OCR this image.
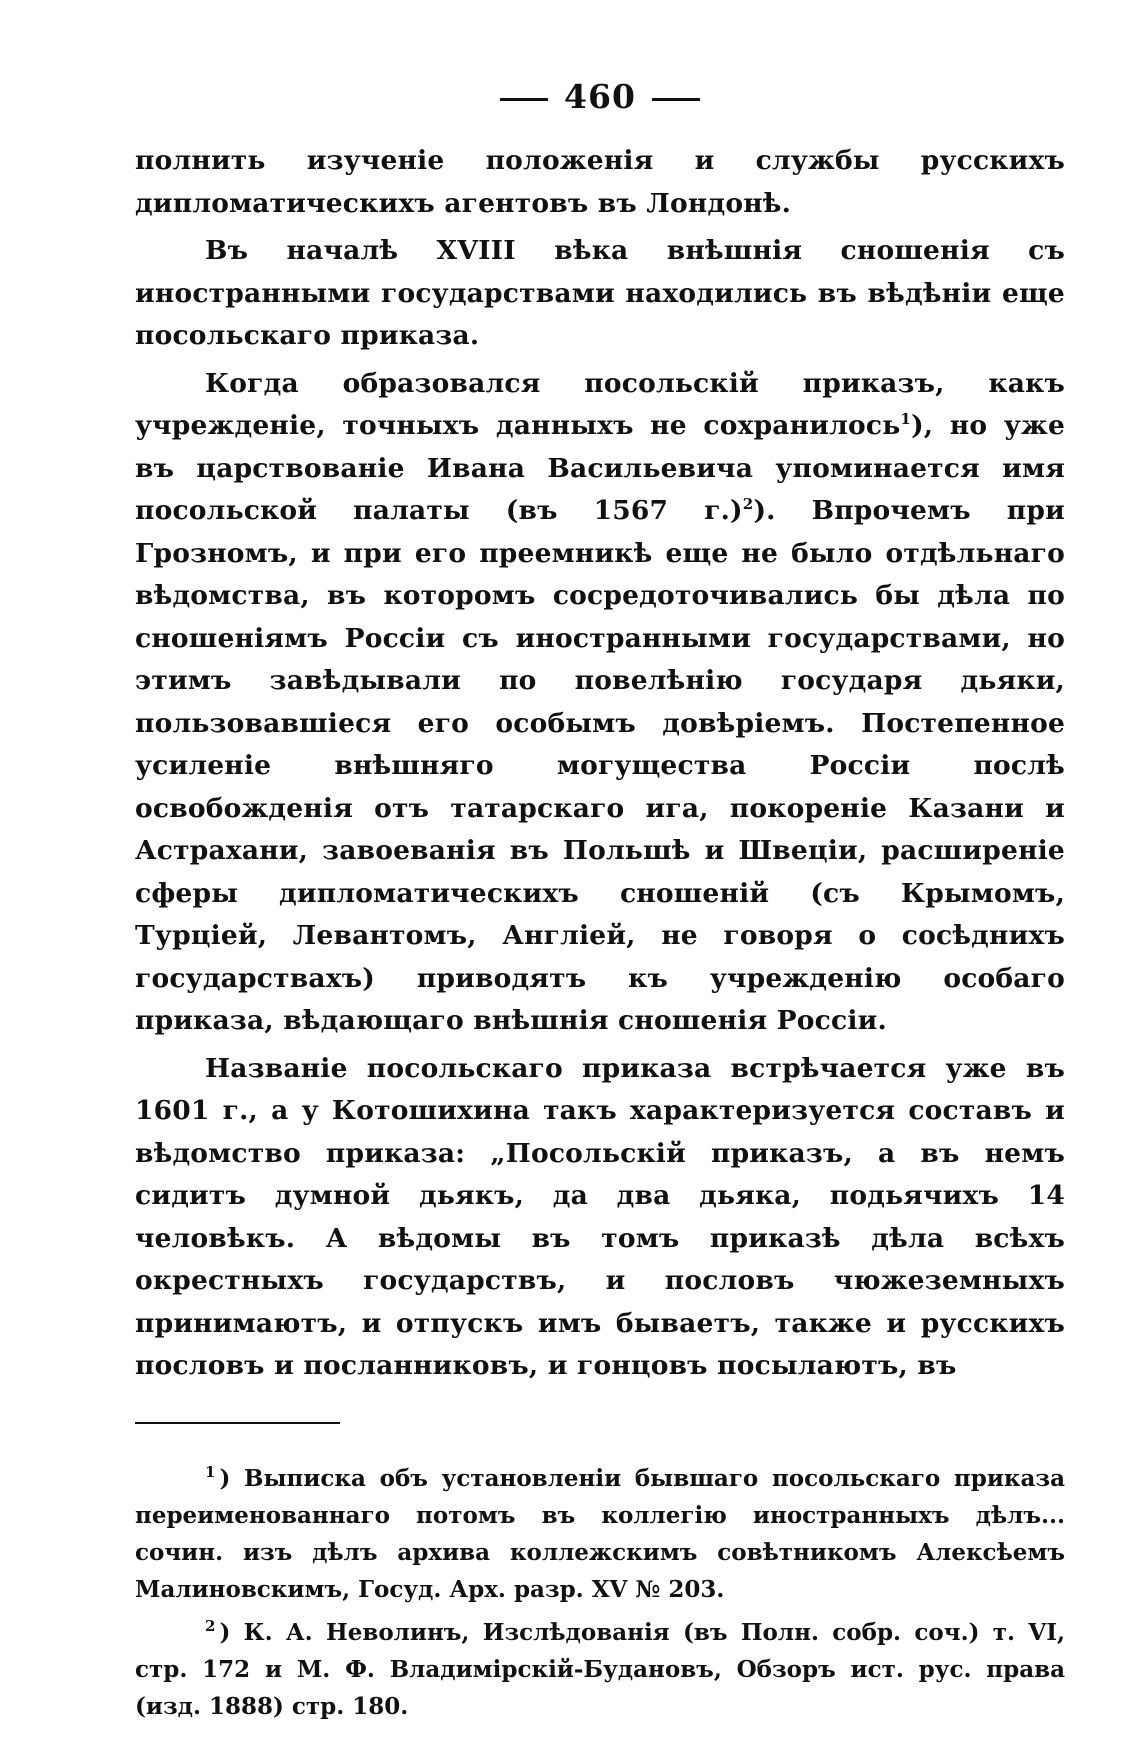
460

полнить изученіе положенія и службы русскихъ дипломатическихъ агентовъ въ Лондонѣ.

Въ началѣ XVIII вѣка внѣшнія сношенія съ иностранными государствами находились въ вѣдѣніи еще посольскаго приказа.

Когда образовался посольскій приказъ, какъ учрежденіе, точныхъ данныхъ не сохранилось$^1$), но уже въ царствованіе Ивана Васильевича упоминается имя посольской палаты (въ 1567 г.)$^2$). Впрочемъ при Грозномъ, и при его преемникѣ еще не было отдѣльнаго вѣдомства, въ которомъ сосредоточивались бы дѣла по сношеніямъ Россіи съ иностранными государствами, но этимъ завѣдывали по повелѣнію государя дьяки, пользовавшіеся его особымъ довѣріемъ. Постепенное усиленіе внѣшняго могущества Россіи послѣ освобожденія отъ татарскаго ига, покореніе Казани и Астрахани, завоеванія въ Польшѣ и Швеціи, расширеніе сферы дипломатическихъ сношеній (съ Крымомъ, Турціей, Левантомъ, Англіей, не говоря о сосѣднихъ государствахъ) приводятъ къ учрежденію особаго приказа, вѣдающаго внѣшнія сношенія Россіи.

Названіе посольскаго приказа встрѣчается уже въ 1601 г., а у Котошихина такъ характеризуется составъ и вѣдомство приказа: „Посольскій приказъ, а въ немъ сидитъ думной дьякъ, да два дьяка, подьячихъ 14 человѣкъ. А вѣдомы въ томъ приказѣ дѣла всѣхъ окрестныхъ государствъ, и пословъ чюжеземныхъ принимаютъ, и отпускъ имъ бываетъ, также и русскихъ пословъ и посланниковъ, и гонцовъ посылаютъ, въ

$^1$ ) Выписка объ установленіи бывшаго посольскаго приказа переименованнаго потомъ въ коллегію иностранныхъ дѣлъ... сочин. изъ дѣлъ архива коллежскимъ совѣтникомъ Алексѣемъ Малиновскимъ, Госуд. Арх. разр. XV № 203.

$^2$ ) К. А. Неволинъ, Изслѣдованія (въ Полн. собр. соч.) т. VI, стр. 172 и М. Ф. Владимірскій-Будановъ, Обзоръ ист. рус. права (изд. 1888) стр. 180.
